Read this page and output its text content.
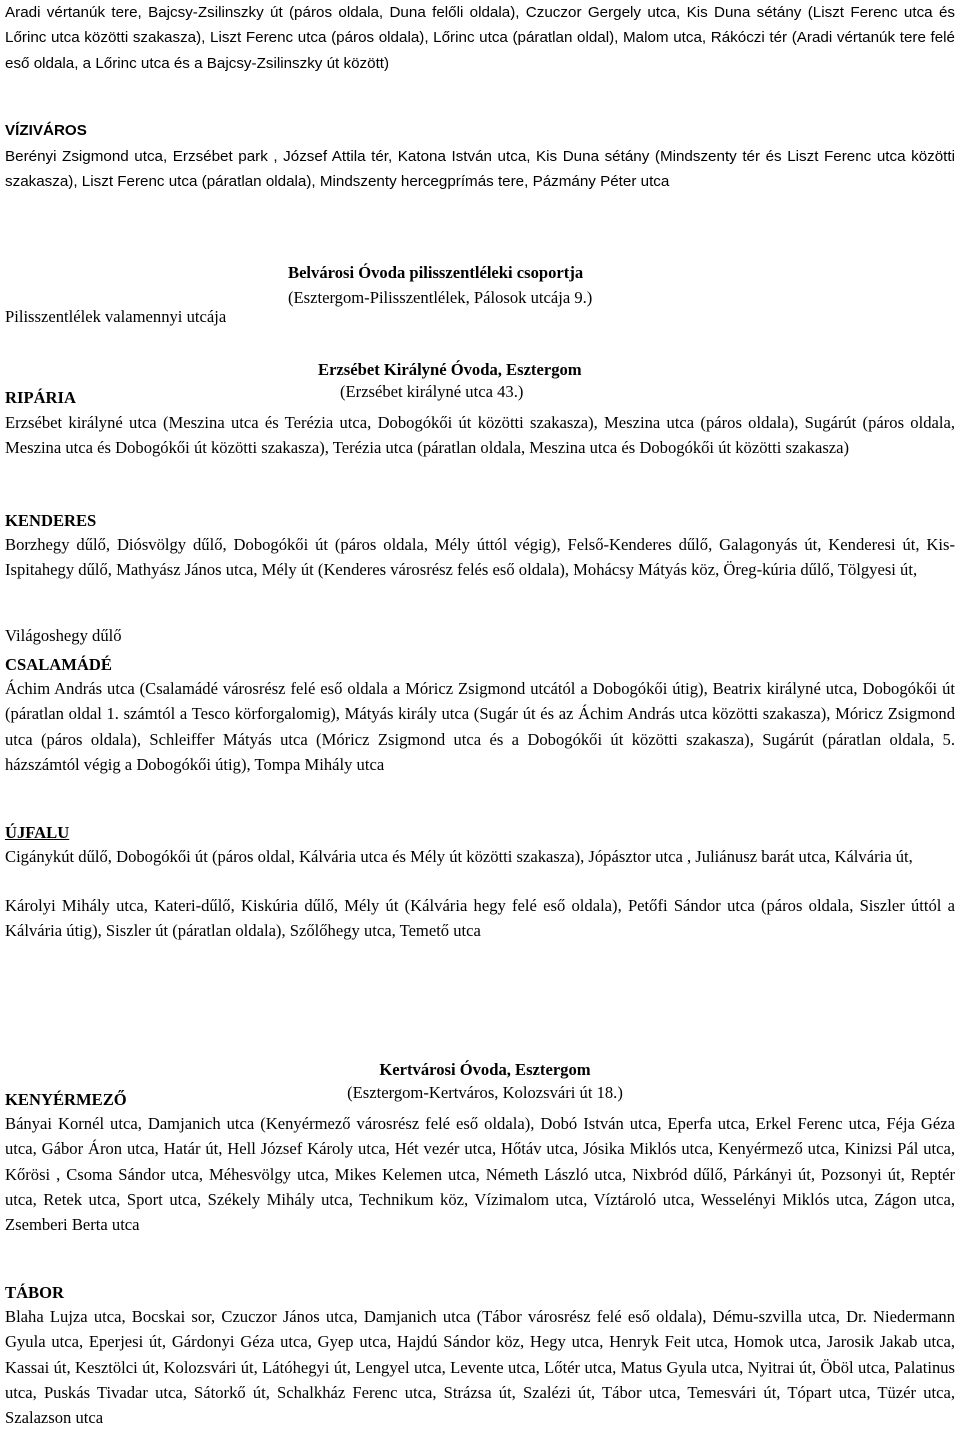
Aradi vértanúk tere, Bajcsy-Zsilinszky út (páros oldala, Duna felőli oldala), Czuczor Gergely utca, Kis Duna sétány (Liszt Ferenc utca és Lőrinc utca közötti szakasza), Liszt Ferenc utca (páros oldala), Lőrinc utca (páratlan oldal), Malom utca, Rákóczi tér (Aradi vértanúk tere felé eső oldala, a Lőrinc utca és a Bajcsy-Zsilinszky út között)

VÍZIVÁROS

Berényi Zsigmond utca, Erzsébet park , József Attila tér, Katona István utca, Kis Duna sétány (Mindszenty tér és Liszt Ferenc utca közötti szakasza), Liszt Ferenc utca (páratlan oldala), Mindszenty hercegprímás tere, Pázmány Péter utca

Belvárosi Óvoda pilisszentléleki csoportja

(Esztergom-Pilisszentlélek, Pálosok utcája 9.)

Pilisszentlélek valamennyi utcája

Erzsébet Királyné Óvoda, Esztergom

(Erzsébet királyné utca 43.)

RIPÁRIA

Erzsébet királyné utca (Meszina utca és Terézia utca, Dobogókői út közötti szakasza), Meszina utca (páros oldala), Sugárút (páros oldala, Meszina utca és Dobogókői út közötti szakasza), Terézia utca (páratlan oldala, Meszina utca és Dobogókői út közötti szakasza)

KENDERES

Borzhegy dűlő, Diósvölgy dűlő, Dobogókői út (páros oldala, Mély úttól végig), Felső-Kenderes dűlő, Galagonyás út, Kenderesi út, Kis-Ispitahegy dűlő, Mathyász János utca, Mély út (Kenderes városrész felés eső oldala), Mohácsy Mátyás köz, Öreg-kúria dűlő, Tölgyesi út,

Világoshegy dűlő

CSALAMÁDÉ

Áchim András utca (Csalamádé városrész felé eső oldala a Móricz Zsigmond utcától a Dobogókői útig), Beatrix királyné utca, Dobogókői út (páratlan oldal 1. számtól a Tesco körforgalomig), Mátyás király utca (Sugár út és az Áchim András utca közötti szakasza), Móricz Zsigmond utca (páros oldala), Schleiffer Mátyás utca (Móricz Zsigmond utca és a Dobogókői út közötti szakasza), Sugárút (páratlan oldala, 5. házszámtól végig a Dobogókői útig), Tompa Mihály utca

ÚJFALU

Cigánykút dűlő, Dobogókői út (páros oldal, Kálvária utca és Mély út közötti szakasza), Jópásztor utca , Juliánusz barát utca, Kálvária út,

Károlyi Mihály utca, Kateri-dűlő, Kiskúria dűlő, Mély út (Kálvária hegy felé eső oldala), Petőfi Sándor utca (páros oldala, Siszler úttól a Kálvária útig), Siszler út (páratlan oldala), Szőlőhegy utca, Temető utca

Kertvárosi Óvoda, Esztergom

(Esztergom-Kertváros, Kolozsvári út 18.)

KENYÉRMEZŐ

Bányai Kornél utca, Damjanich utca (Kenyérmező városrész felé eső oldala), Dobó István utca, Eperfa utca, Erkel Ferenc utca, Féja Géza utca, Gábor Áron utca, Határ út, Hell József Károly utca, Hét vezér utca, Hőtáv utca, Jósika Miklós utca, Kenyérmező utca, Kinizsi Pál utca, Kőrösi , Csoma Sándor utca, Méhesvölgy utca, Mikes Kelemen utca, Németh László utca, Nixbród dűlő, Párkányi út, Pozsonyi út, Reptér utca, Retek utca, Sport utca, Székely Mihály utca, Technikum köz, Vízimalom utca, Víztároló utca, Wesselényi Miklós utca, Zágon utca, Zsemberi Berta utca

TÁBOR

Blaha Lujza utca, Bocskai sor, Czuczor János utca, Damjanich utca (Tábor városrész felé eső oldala), Dému-szvilla utca, Dr. Niedermann Gyula utca, Eperjesi út, Gárdonyi Géza utca, Gyep utca, Hajdú Sándor köz, Hegy utca, Henryk Feit utca, Homok utca, Jarosik Jakab utca, Kassai út, Kesztölci út, Kolozsvári út, Látóhegyi út, Lengyel utca, Levente utca, Lőtér utca, Matus Gyula utca, Nyitrai út, Öböl utca, Palatinus utca, Puskás Tivadar utca, Sátorkő út, Schalkház Ferenc utca, Strázsa út, Szalézi út, Tábor utca, Temesvári út, Tópart utca, Tüzér utca, Szalazson utca
